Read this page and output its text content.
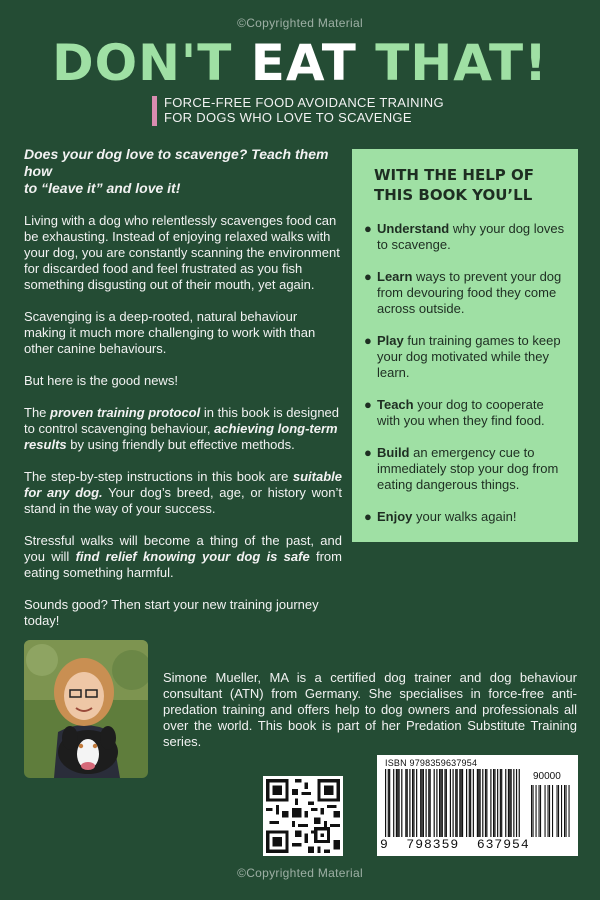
©Copyrighted Material
DON'T EAT THAT!
FORCE-FREE FOOD AVOIDANCE TRAINING
FOR DOGS WHO LOVE TO SCAVENGE

Does your dog love to scavenge? Teach them how
to “leave it” and love it!

Living with a dog who relentlessly scavenges food can be exhausting. Instead of enjoying relaxed walks with your dog, you are constantly scanning the environment for discarded food and feel frustrated as you fish something disgusting out of their mouth, yet again.

Scavenging is a deep-rooted, natural behaviour making it much more challenging to work with than other canine behaviours.

But here is the good news!

The proven training protocol in this book is designed to control scavenging behaviour, achieving long-term results by using friendly but effective methods.

The step-by-step instructions in this book are suitable for any dog. Your dog’s breed, age, or history won’t stand in the way of your success.

Stressful walks will become a thing of the past, and you will find relief knowing your dog is safe from eating something harmful.

Sounds good? Then start your new training journey today!

WITH THE HELP OF
THIS BOOK YOU’LL
● Understand why your dog loves to scavenge.
● Learn ways to prevent your dog from devouring food they come across outside.
● Play fun training games to keep your dog motivated while they learn.
● Teach your dog to cooperate with you when they find food.
● Build an emergency cue to immediately stop your dog from eating dangerous things.
● Enjoy your walks again!

Simone Mueller, MA is a certified dog trainer and dog behaviour consultant (ATN) from Germany. She specialises in force-free anti-predation training and offers help to dog owners and professionals all over the world. This book is part of her Predation Substitute Training series.

ISBN 9798359637954
90000
9  798359  637954
©Copyrighted Material
